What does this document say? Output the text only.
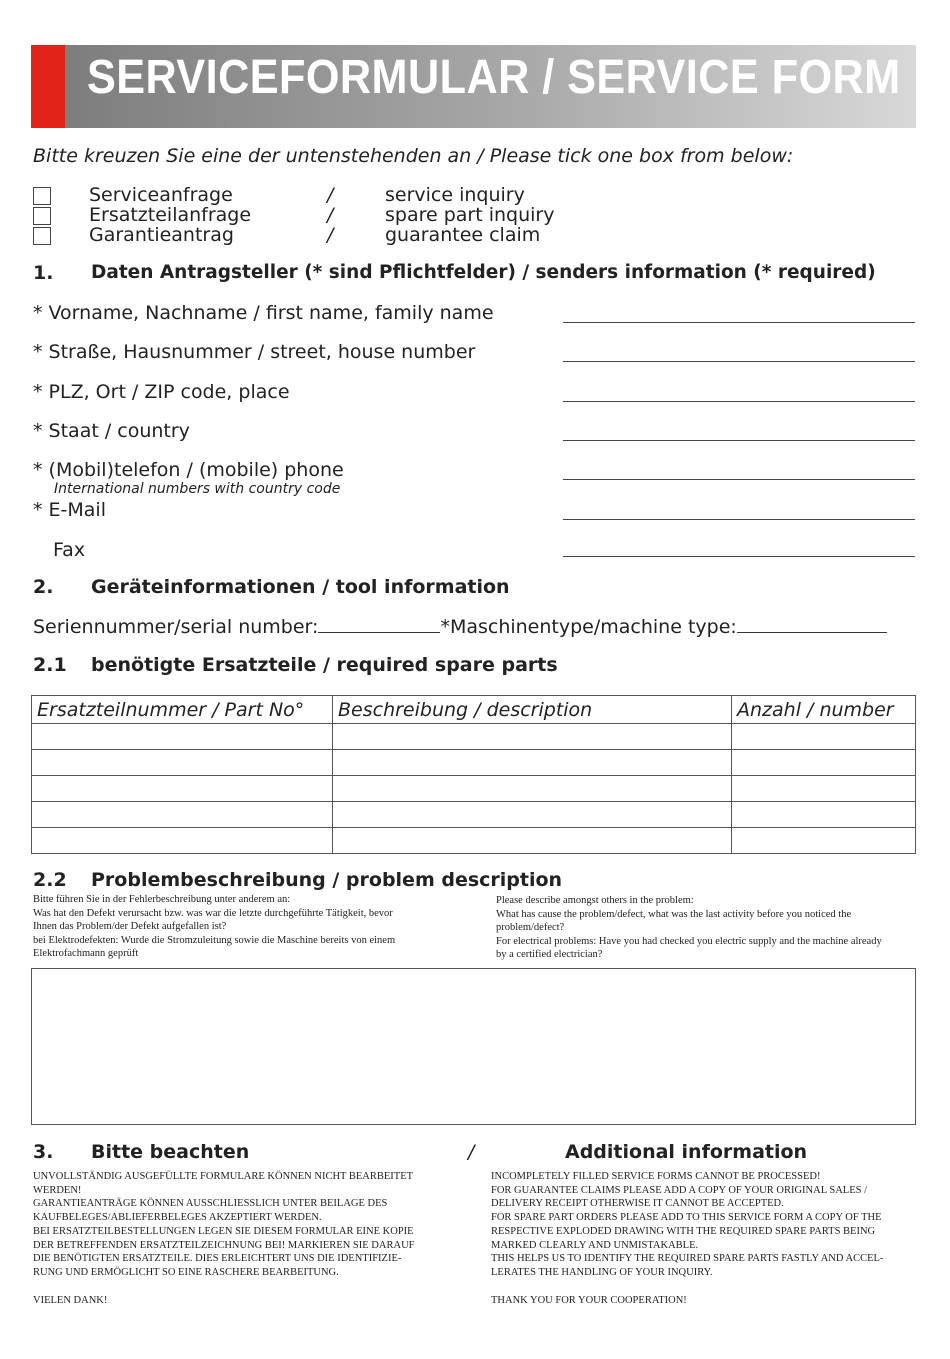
SERVICEFORMULAR / SERVICE FORM
Bitte kreuzen Sie eine der untenstehenden an / Please tick one box from below:
Serviceanfrage	/	service inquiry
Ersatzteilanfrage	/	spare part inquiry
Garantieantrag	/	guarantee claim
1. Daten Antragsteller (* sind Pflichtfelder) / senders information (* required)
* Vorname, Nachname / first name, family name
* Straße, Hausnummer / street, house number
* PLZ, Ort / ZIP code, place
* Staat / country
* (Mobil)telefon / (mobile) phone
International numbers with country code
* E-Mail
Fax
2. Geräteinformationen / tool information
Seriennummer/serial number:	*Maschinentype/machine type:
2.1 benötigte Ersatzteile / required spare parts
Ersatzteilnummer / Part No°	Beschreibung / description	Anzahl / number

2.2 Problembeschreibung / problem description
Bitte führen Sie in der Fehlerbeschreibung unter anderem an:
Was hat den Defekt verursacht bzw. was war die letzte durchgeführte Tätigkeit, bevor
Ihnen das Problem/der Defekt aufgefallen ist?
bei Elektrodefekten: Wurde die Stromzuleitung sowie die Maschine bereits von einem
Elektrofachmann geprüft
Please describe amongst others in the problem:
What has cause the problem/defect, what was the last activity before you noticed the
problem/defect?
For electrical problems: Have you had checked you electric supply and the machine already
by a certified electrician?
3. Bitte beachten	/	Additional information
UNVOLLSTÄNDIG AUSGEFÜLLTE FORMULARE KÖNNEN NICHT BEARBEITET
WERDEN!
GARANTIEANTRÄGE KÖNNEN AUSSCHLIESSLICH UNTER BEILAGE DES
KAUFBELEGES/ABLIEFERBELEGES AKZEPTIERT WERDEN.
BEI ERSATZTEILBESTELLUNGEN LEGEN SIE DIESEM FORMULAR EINE KOPIE
DER BETREFFENDEN ERSATZTEILZEICHNUNG BEI! MARKIEREN SIE DARAUF
DIE BENÖTIGTEN ERSATZTEILE. DIES ERLEICHTERT UNS DIE IDENTIFIZIE-
RUNG UND ERMÖGLICHT SO EINE RASCHERE BEARBEITUNG.
VIELEN DANK!
INCOMPLETELY FILLED SERVICE FORMS CANNOT BE PROCESSED!
FOR GUARANTEE CLAIMS PLEASE ADD A COPY OF YOUR ORIGINAL SALES /
DELIVERY RECEIPT OTHERWISE IT CANNOT BE ACCEPTED.
FOR SPARE PART ORDERS PLEASE ADD TO THIS SERVICE FORM A COPY OF THE
RESPECTIVE EXPLODED DRAWING WITH THE REQUIRED SPARE PARTS BEING
MARKED CLEARLY AND UNMISTAKABLE.
THIS HELPS US TO IDENTIFY THE REQUIRED SPARE PARTS FASTLY AND ACCEL-
LERATES THE HANDLING OF YOUR INQUIRY.
THANK YOU FOR YOUR COOPERATION!
